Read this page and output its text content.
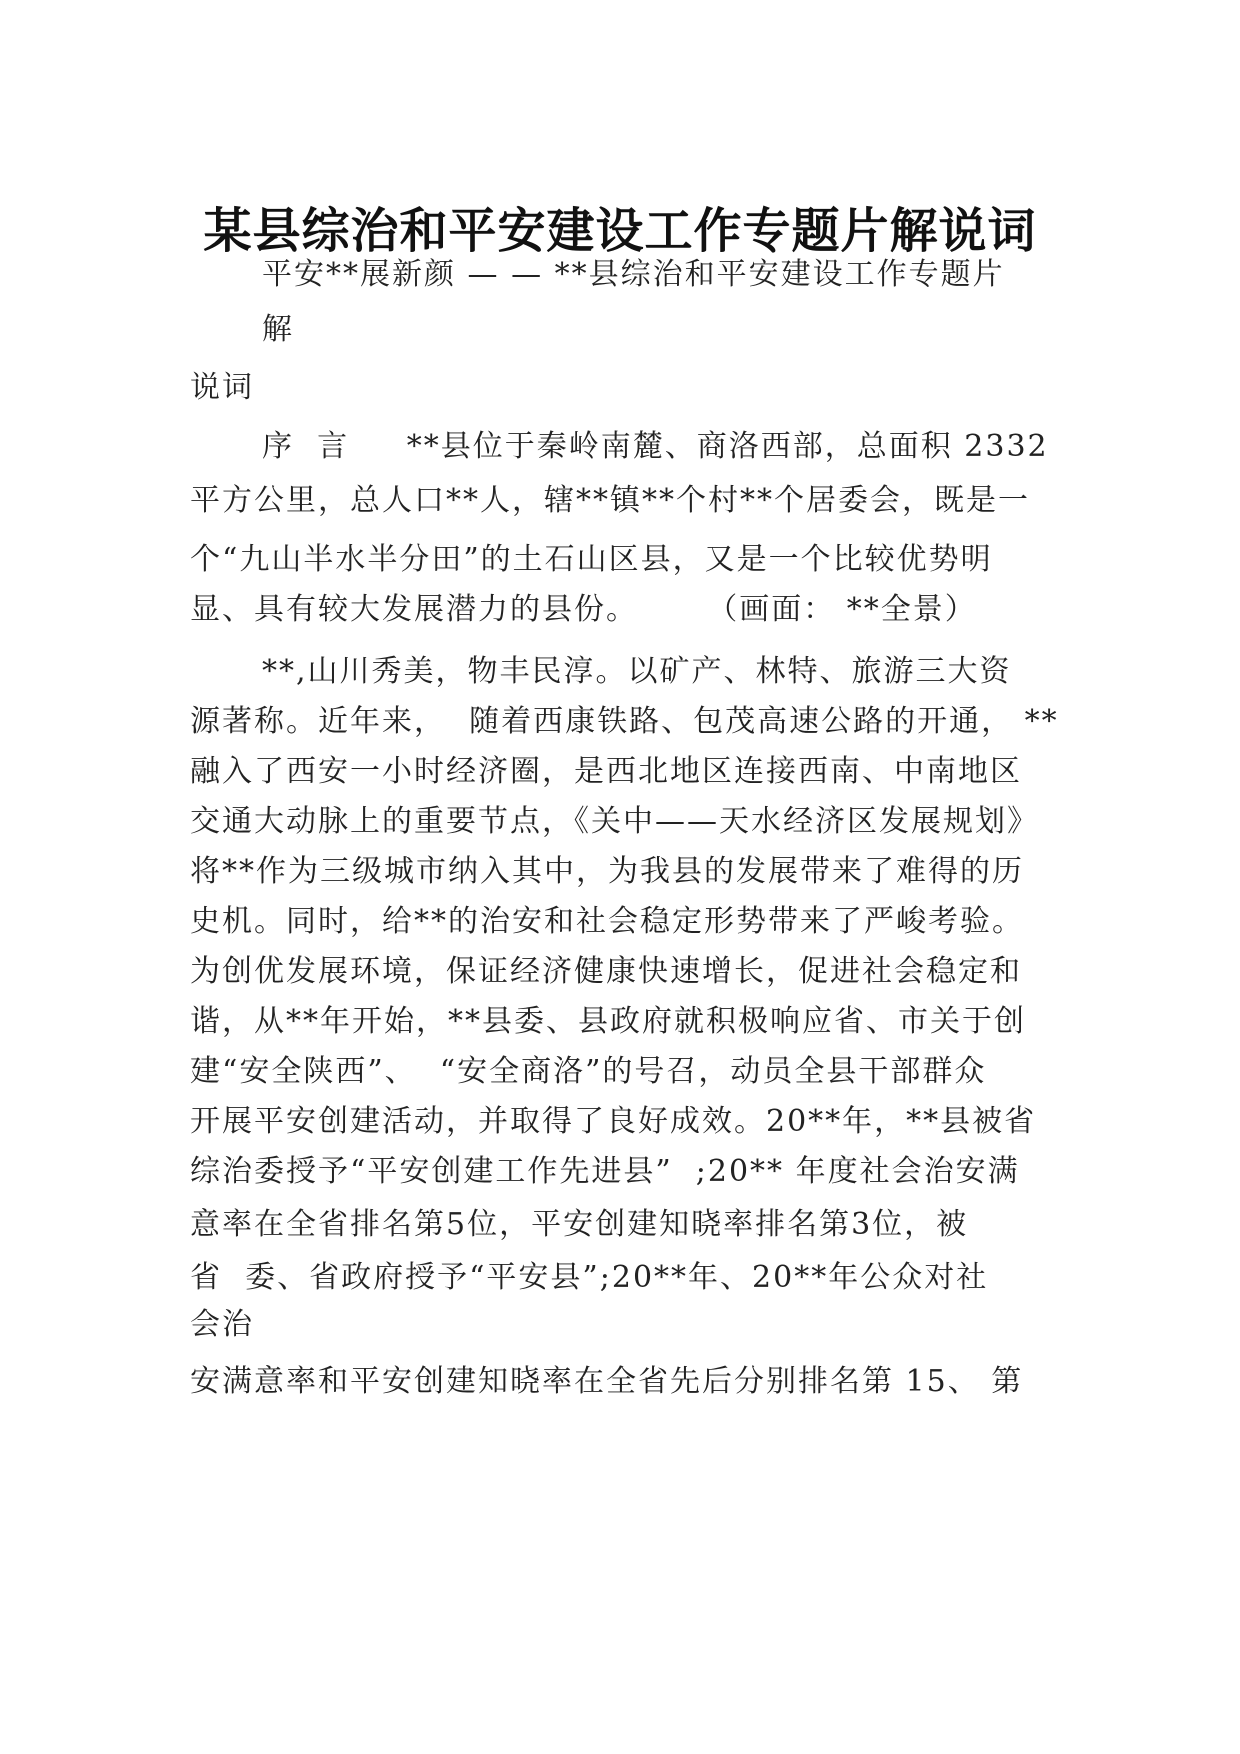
某县综治和平安建设工作专题片解说词
平安**展新颜 — — **县综治和平安建设工作专题片
解
说词
序  言     **县位于秦岭南麓、商洛西部，总面积 2332
平方公里，总人口**人，辖**镇**个村**个居委会，既是一
个“九山半水半分田”的土石山区县，又是一个比较优势明
显、具有较大发展潜力的县份。      （画面： **全景）
**,山川秀美，物丰民淳。以矿产、林特、旅游三大资
源著称。近年来，  随着西康铁路、包茂高速公路的开通， **
融入了西安一小时经济圈，是西北地区连接西南、中南地区
交通大动脉上的重要节点，《关中——天水经济区发展规划》
将**作为三级城市纳入其中，为我县的发展带来了难得的历
史机。同时，给**的治安和社会稳定形势带来了严峻考验。
为创优发展环境，保证经济健康快速增长，促进社会稳定和
谐，从**年开始，**县委、县政府就积极响应省、市关于创
建“安全陕西”、  “安全商洛”的号召，动员全县干部群众
开展平安创建活动，并取得了良好成效。20**年，**县被省
综治委授予“平安创建工作先进县”  ;20** 年度社会治安满
意率在全省排名第5位，平安创建知晓率排名第3位，被
省  委、省政府授予“平安县”;20**年、20**年公众对社
会治
安满意率和平安创建知晓率在全省先后分别排名第 15、 第
